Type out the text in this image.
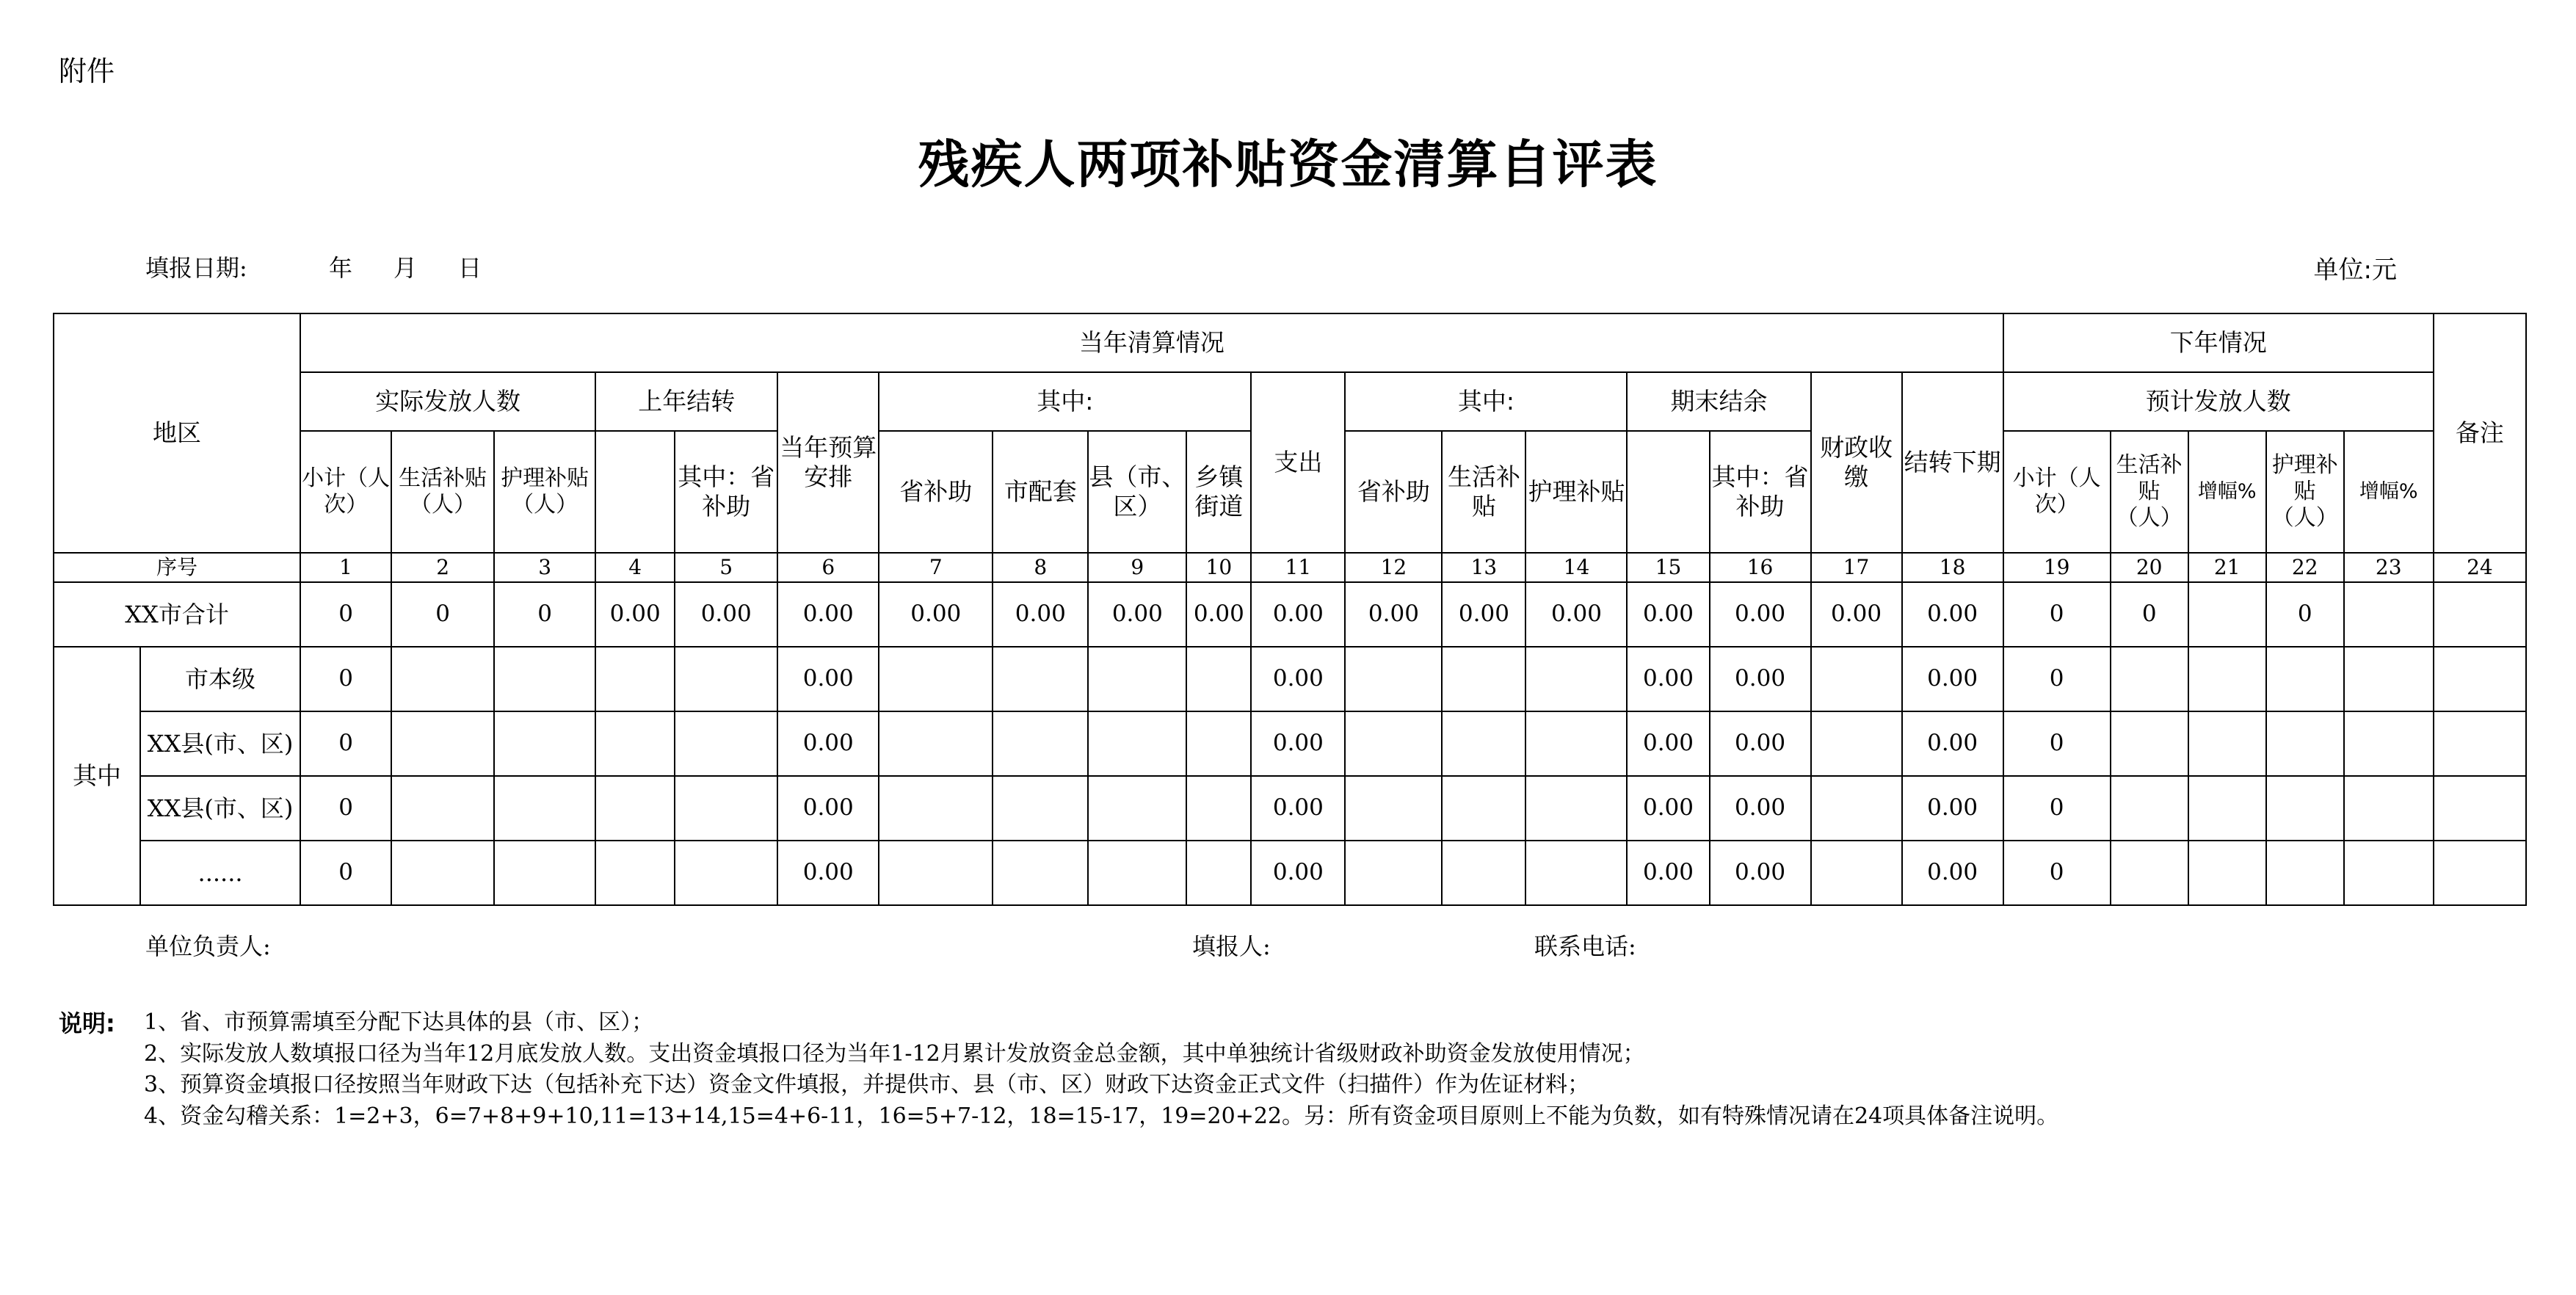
附件
残疾人两项补贴资金清算自评表
填报日期:	年 月 日	单位:元
地区		当年清算情况																		下年情况					备注
		实际发放人数			上年结转		当年预算安排	其中:				支出	其中:			期末结余		财政收缴	结转下期	预计发放人数					
		小计（人次）	生活补贴（人）	护理补贴（人）		其中：省补助		省补助	市配套	县（市、区）	乡镇街道		省补助	生活补贴	护理补贴		其中：省补助			小计（人次）	生活补贴（人）	增幅%	护理补贴（人）	增幅%	
序号		1	2	3	4	5	6	7	8	9	10	11	12	13	14	15	16	17	18	19	20	21	22	23	24
XX市合计		0	0	0	0.00	0.00	0.00	0.00	0.00	0.00	0.00	0.00	0.00	0.00	0.00	0.00	0.00	0.00	0.00	0	0		0		
其中	市本级	0					0.00					0.00				0.00	0.00		0.00	0					
	XX县(市、区)	0					0.00					0.00				0.00	0.00		0.00	0					
	XX县(市、区)	0					0.00					0.00				0.00	0.00		0.00	0					
	......	0					0.00					0.00				0.00	0.00		0.00	0					
单位负责人:	填报人:	联系电话:
说明: 1、省、市预算需填至分配下达具体的县（市、区）；
2、实际发放人数填报口径为当年12月底发放人数。支出资金填报口径为当年1-12月累计发放资金总金额，其中单独统计省级财政补助资金发放使用情况；
3、预算资金填报口径按照当年财政下达（包括补充下达）资金文件填报，并提供市、县（市、区）财政下达资金正式文件（扫描件）作为佐证材料；
4、资金勾稽关系：1=2+3，6=7+8+9+10,11=13+14,15=4+6-11，16=5+7-12，18=15-17，19=20+22。另：所有资金项目原则上不能为负数，如有特殊情况请在24项具体备注说明。
